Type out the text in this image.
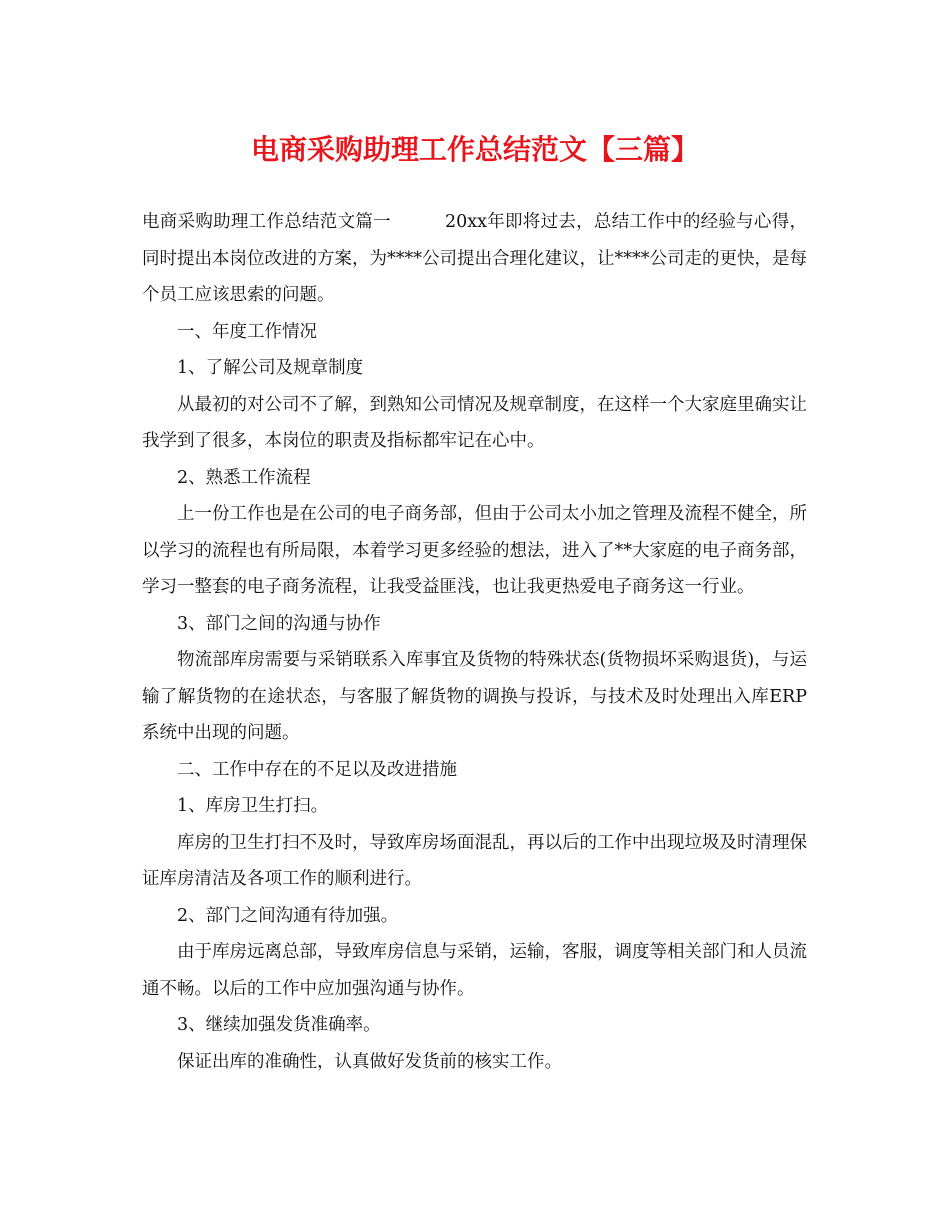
电商采购助理工作总结范文【三篇】

电商采购助理工作总结范文篇一	20xx年即将过去，总结工作中的经验与心得，同时提出本岗位改进的方案，为****公司提出合理化建议，让****公司走的更快，是每个员工应该思索的问题。

一、年度工作情况

1、了解公司及规章制度

从最初的对公司不了解，到熟知公司情况及规章制度，在这样一个大家庭里确实让我学到了很多，本岗位的职责及指标都牢记在心中。

2、熟悉工作流程

上一份工作也是在公司的电子商务部，但由于公司太小加之管理及流程不健全，所以学习的流程也有所局限，本着学习更多经验的想法，进入了**大家庭的电子商务部，学习一整套的电子商务流程，让我受益匪浅，也让我更热爱电子商务这一行业。

3、部门之间的沟通与协作

物流部库房需要与采销联系入库事宜及货物的特殊状态(货物损坏采购退货)，与运输了解货物的在途状态，与客服了解货物的调换与投诉，与技术及时处理出入库ERP系统中出现的问题。

二、工作中存在的不足以及改进措施

1、库房卫生打扫。

库房的卫生打扫不及时，导致库房场面混乱，再以后的工作中出现垃圾及时清理保证库房清洁及各项工作的顺利进行。

2、部门之间沟通有待加强。

由于库房远离总部，导致库房信息与采销，运输，客服，调度等相关部门和人员流通不畅。以后的工作中应加强沟通与协作。

3、继续加强发货准确率。

保证出库的准确性，认真做好发货前的核实工作。
